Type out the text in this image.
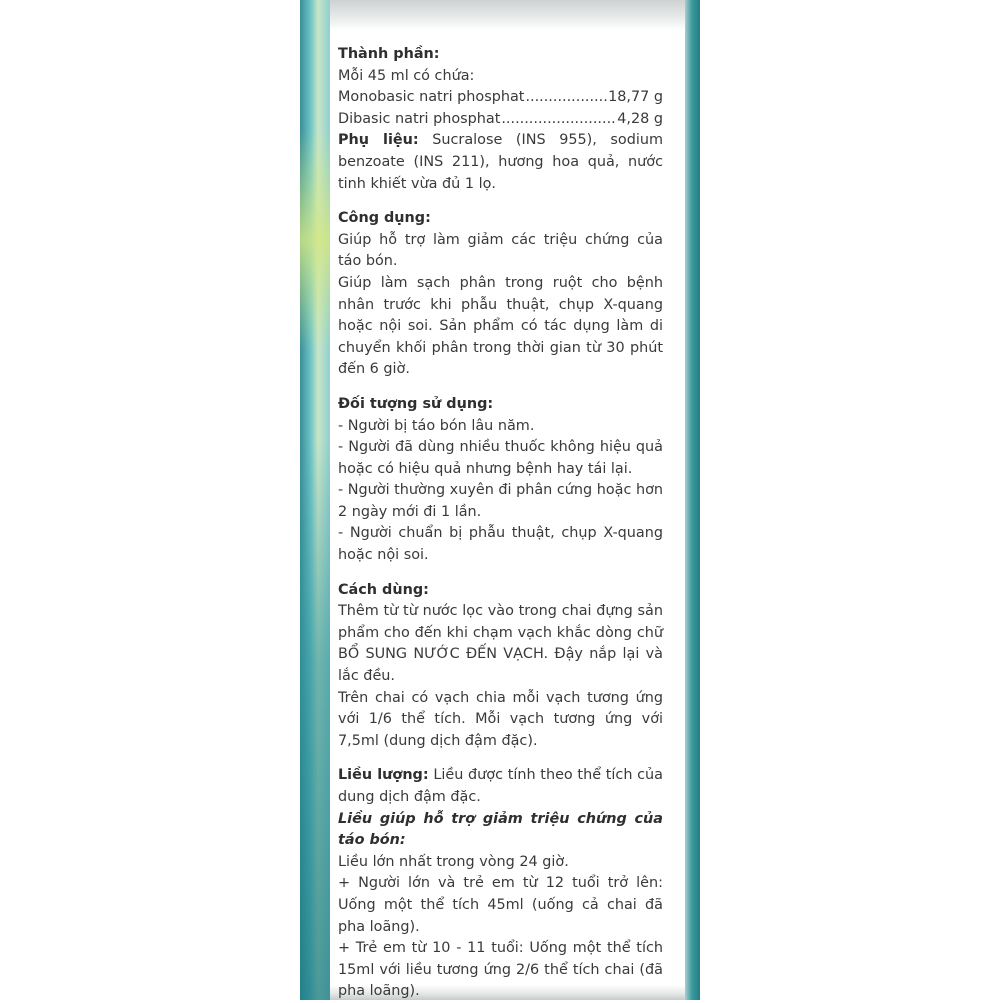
Thành phần:

Mỗi 45 ml có chứa:

Monobasic natri phosphat .....	18,77 g
Dibasic natri phosphat .....	4,28 g

Phụ liệu: Sucralose (INS 955), sodium benzoate (INS 211), hương hoa quả, nước tinh khiết vừa đủ 1 lọ.

Công dụng:

Giúp hỗ trợ làm giảm các triệu chứng của táo bón.

Giúp làm sạch phân trong ruột cho bệnh nhân trước khi phẫu thuật, chụp X-quang hoặc nội soi. Sản phẩm có tác dụng làm di chuyển khối phân trong thời gian từ 30 phút đến 6 giờ.

Đối tượng sử dụng:

- Người bị táo bón lâu năm.

- Người đã dùng nhiều thuốc không hiệu quả hoặc có hiệu quả nhưng bệnh hay tái lại.

- Người thường xuyên đi phân cứng hoặc hơn 2 ngày mới đi 1 lần.

- Người chuẩn bị phẫu thuật, chụp X-quang hoặc nội soi.

Cách dùng:

Thêm từ từ nước lọc vào trong chai đựng sản phẩm cho đến khi chạm vạch khắc dòng chữ BỔ SUNG NƯỚC ĐẾN VẠCH. Đậy nắp lại và lắc đều.

Trên chai có vạch chia mỗi vạch tương ứng với 1/6 thể tích. Mỗi vạch tương ứng với 7,5ml (dung dịch đậm đặc).

Liều lượng: Liều được tính theo thể tích của dung dịch đậm đặc.

Liều giúp hỗ trợ giảm triệu chứng của táo bón:

Liều lớn nhất trong vòng 24 giờ.

+ Người lớn và trẻ em từ 12 tuổi trở lên: Uống một thể tích 45ml (uống cả chai đã pha loãng).

+ Trẻ em từ 10 - 11 tuổi: Uống một thể tích 15ml với liều tương ứng 2/6 thể tích chai (đã pha loãng).
